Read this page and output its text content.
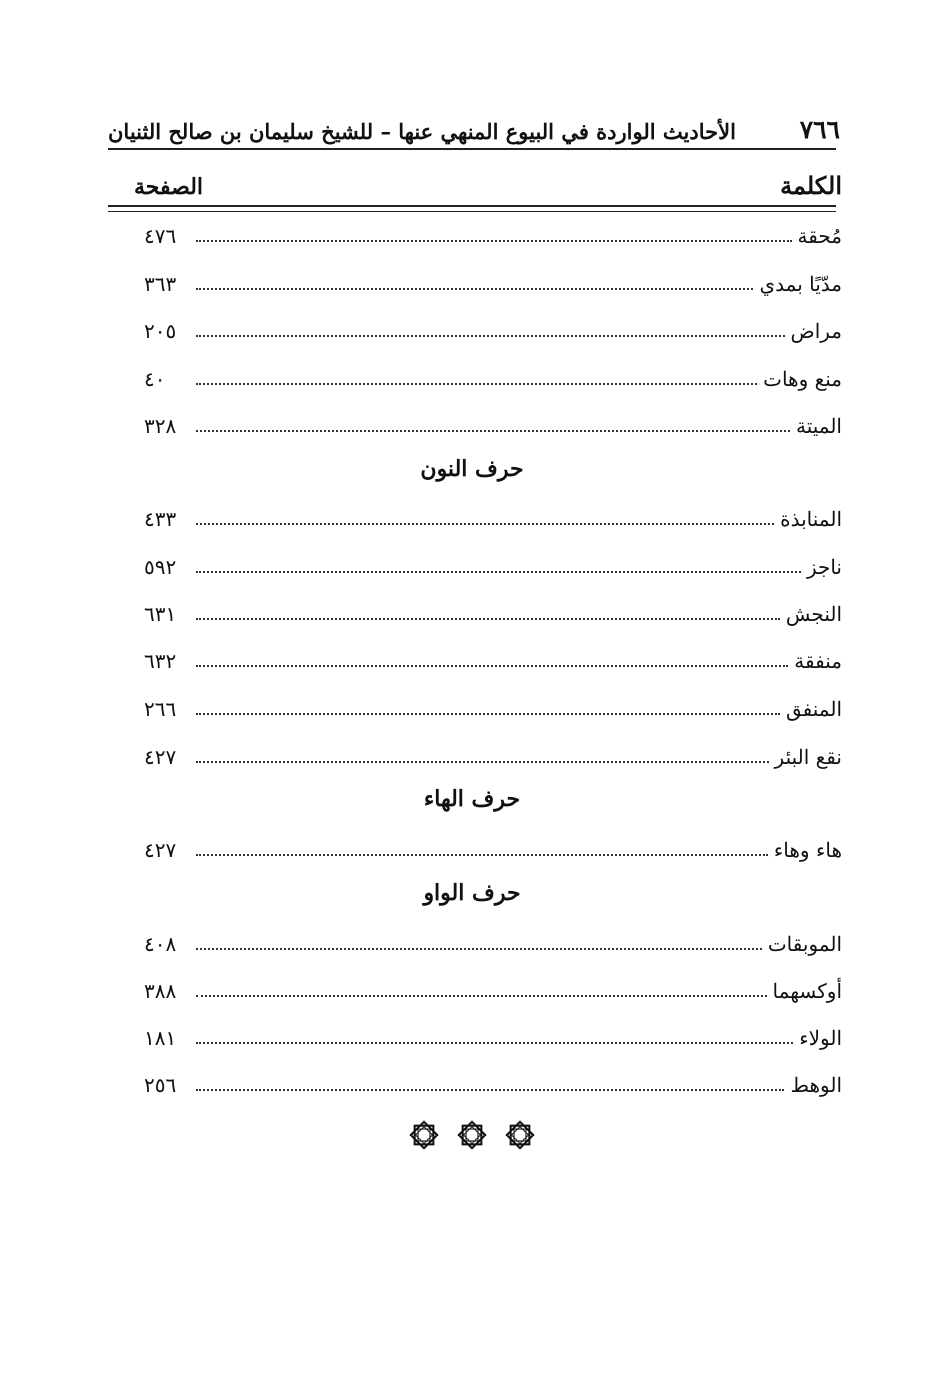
٧٦٦
الأحاديث الواردة في البيوع المنهي عنها – للشيخ سليمان بن صالح الثنيان
الكلمة
الصفحة
مُحقة
٤٧٦
مدّيًا بمدي
٣٦٣
مراض
٢٠٥
منع وهات
٤٠
الميتة
٣٢٨
حرف النون
المنابذة
٤٣٣
ناجز
٥٩٢
النجش
٦٣١
منفقة
٦٣٢
المنفق
٢٦٦
نقع البئر
٤٢٧
حرف الهاء
هاء وهاء
٤٢٧
حرف الواو
الموبقات
٤٠٨
أوكسهما
٣٨٨
الولاء
١٨١
الوهط
٢٥٦
